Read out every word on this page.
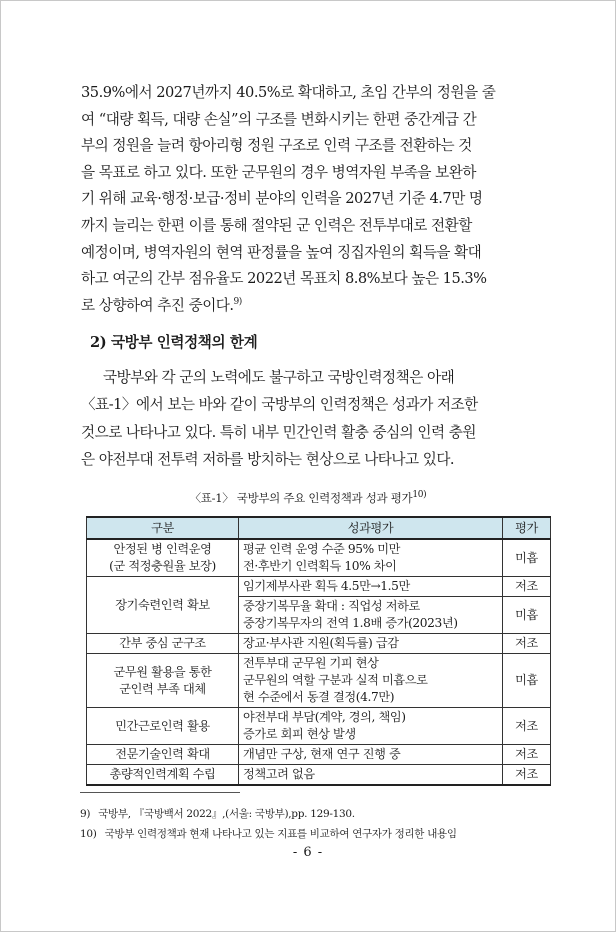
35.9%에서 2027년까지 40.5%로 확대하고, 초임 간부의 정원을 줄
여 “대량 획득, 대량 손실”의 구조를 변화시키는 한편 중간계급 간
부의 정원을 늘려 항아리형 정원 구조로 인력 구조를 전환하는 것
을 목표로 하고 있다. 또한 군무원의 경우 병역자원 부족을 보완하
기 위해 교육·행정·보급·정비 분야의 인력을 2027년 기준 4.7만 명
까지 늘리는 한편 이를 통해 절약된 군 인력은 전투부대로 전환할
예정이며, 병역자원의 현역 판정률을 높여 징집자원의 획득을 확대
하고 여군의 간부 점유율도 2022년 목표치 8.8%보다 높은 15.3%
로 상향하여 추진 중이다.$^{9)}$

2) 국방부 인력정책의 한계

국방부와 각 군의 노력에도 불구하고 국방인력정책은 아래
〈표-1〉에서 보는 바와 같이 국방부의 인력정책은 성과가 저조한
것으로 나타나고 있다. 특히 내부 민간인력 활충 중심의 인력 충원
은 야전부대 전투력 저하를 방치하는 현상으로 나타나고 있다.

〈표-1〉 국방부의 주요 인력정책과 성과 평가$^{10)}$
구분	성과평가	평가

안정된 병 인력운영
(군 적정충원율 보장)	평균 인력 운영 수준 95% 미만
전·후반기 인력획득 10% 차이	미흡

장기숙련인력 확보	임기제부사관 획득 4.5만→1.5만	저조

	중장기복무율 확대 : 직업성 저하로
중장기복무자의 전역 1.8배 증가(2023년)	미흡

간부 중심 군구조	장교·부사관 지원(획득률) 급감	저조

군무원 활용을 통한
군인력 부족 대체	전투부대 군무원 기피 현상
군무원의 역할 구분과 실적 미흡으로
현 수준에서 동결 결정(4.7만)	미흡

민간근로인력 활용	야전부대 부담(계약, 경의, 책임)
증가로 회피 현상 발생	저조

전문기술인력 확대	개념만 구상, 현재 연구 진행 중	저조

총량적인력계획 수립	정책고려 없음	저조

9) 국방부, 『국방백서 2022』,(서울: 국방부),pp. 129-130.

10) 국방부 인력정책과 현재 나타나고 있는 지표를 비교하여 연구자가 정리한 내용임

- 6 -
